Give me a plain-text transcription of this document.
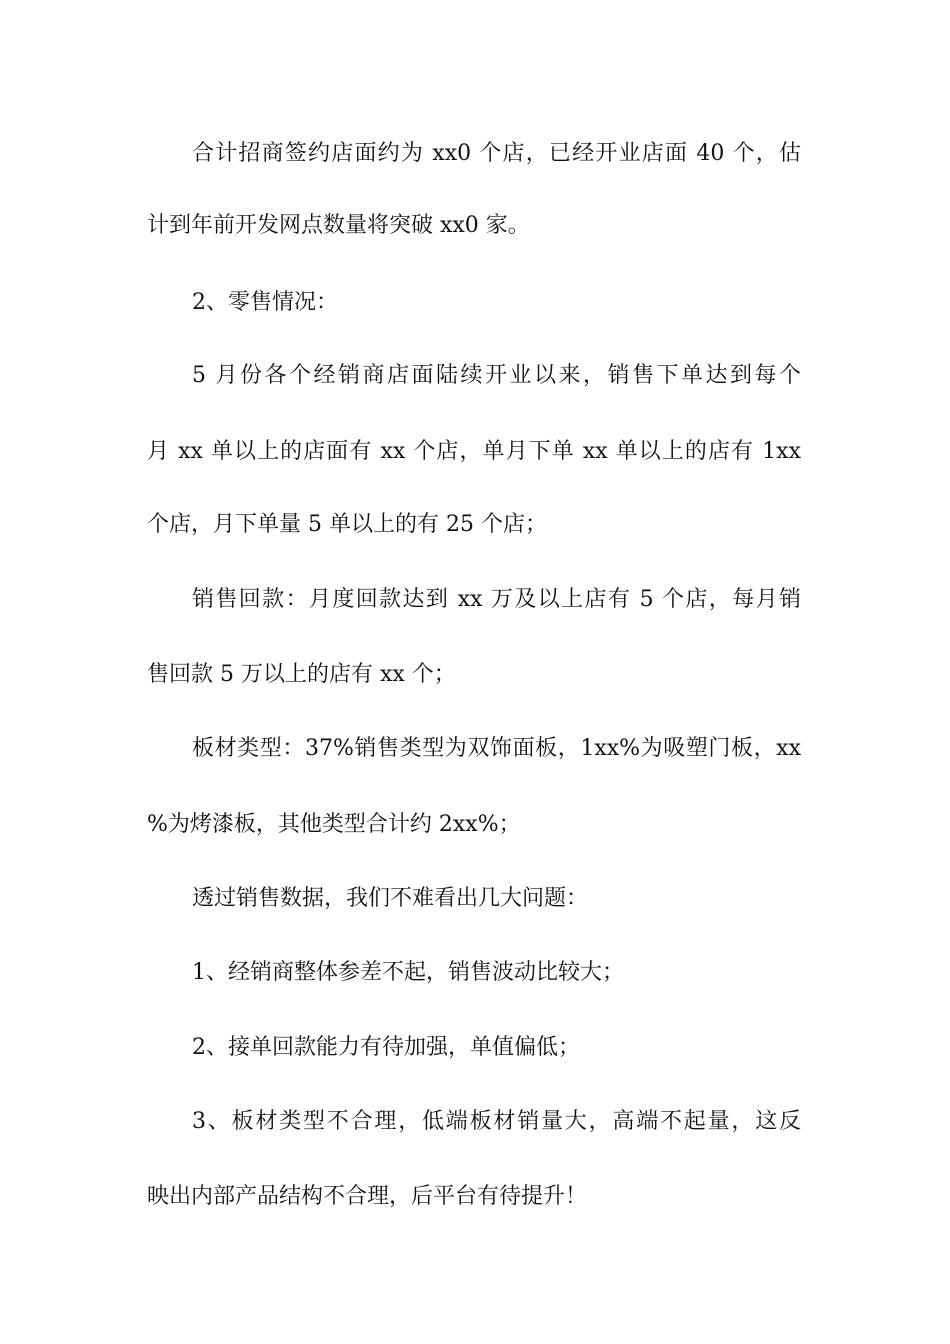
合计招商签约店面约为 xx0 个店，已经开业店面 40 个，估
计到年前开发网点数量将突破 xx0 家。
2、零售情况：
5 月份各个经销商店面陆续开业以来，销售下单达到每个
月 xx 单以上的店面有 xx 个店，单月下单 xx 单以上的店有 1xx
个店，月下单量 5 单以上的有 25 个店；
销售回款：月度回款达到 xx 万及以上店有 5 个店，每月销
售回款 5 万以上的店有 xx 个；
板材类型：37%销售类型为双饰面板，1xx%为吸塑门板，xx
%为烤漆板，其他类型合计约 2xx%；
透过销售数据，我们不难看出几大问题：
1、经销商整体参差不起，销售波动比较大；
2、接单回款能力有待加强，单值偏低；
3、板材类型不合理，低端板材销量大，高端不起量，这反
映出内部产品结构不合理，后平台有待提升！
